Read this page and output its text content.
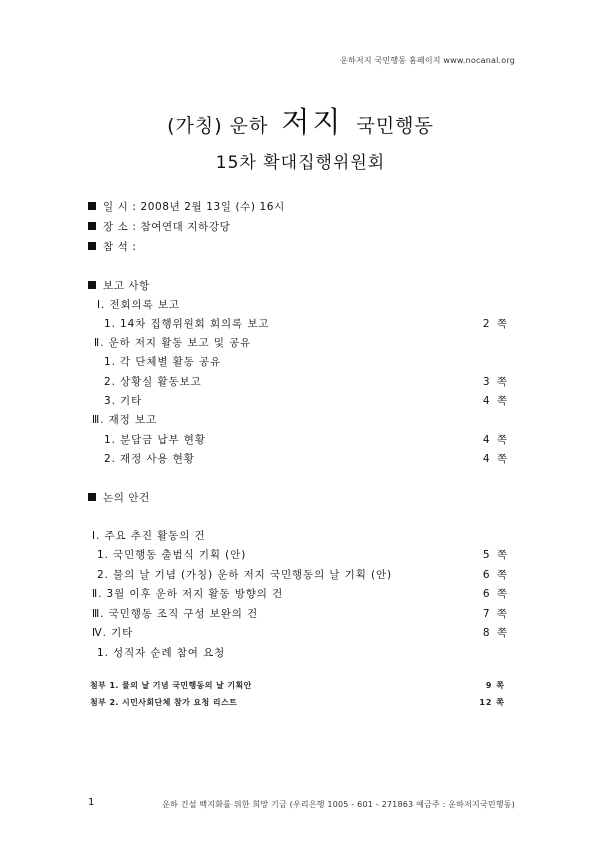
운하저지 국민행동 홈페이지 www.nocanal.org
(가칭) 운하 저지 국민행동
15차 확대집행위원회
일 시 : 2008년 2월 13일 (수) 16시
장 소 : 참여연대 지하강당
참 석 :
보고 사항
Ⅰ. 전회의록 보고
1. 14차 집행위원회 회의록 보고	2 쪽
Ⅱ. 운하 저지 활동 보고 및 공유
1. 각 단체별 활동 공유
2. 상황실 활동보고	3 쪽
3. 기타	4 쪽
Ⅲ. 재정 보고
1. 분담금 납부 현황	4 쪽
2. 재정 사용 현황	4 쪽
논의 안건
Ⅰ. 주요 추진 활동의 건
1. 국민행동 출범식 기획 (안)	5 쪽
2. 물의 날 기념 (가칭) 운하 저지 국민행동의 날 기획 (안)	6 쪽
Ⅱ. 3월 이후 운하 저지 활동 방향의 건	6 쪽
Ⅲ. 국민행동 조직 구성 보완의 건	7 쪽
Ⅳ. 기타	8 쪽
1. 성직자 순례 참여 요청
첨부 1. 물의 날 기념 국민행동의 날 기획안	9 쪽
첨부 2. 시민사회단체 참가 요청 리스트	12 쪽
1	운하 건설 백지화를 위한 희망 기금 (우리은행 1005 - 601 - 271863 예금주 : 운하저지국민행동)
